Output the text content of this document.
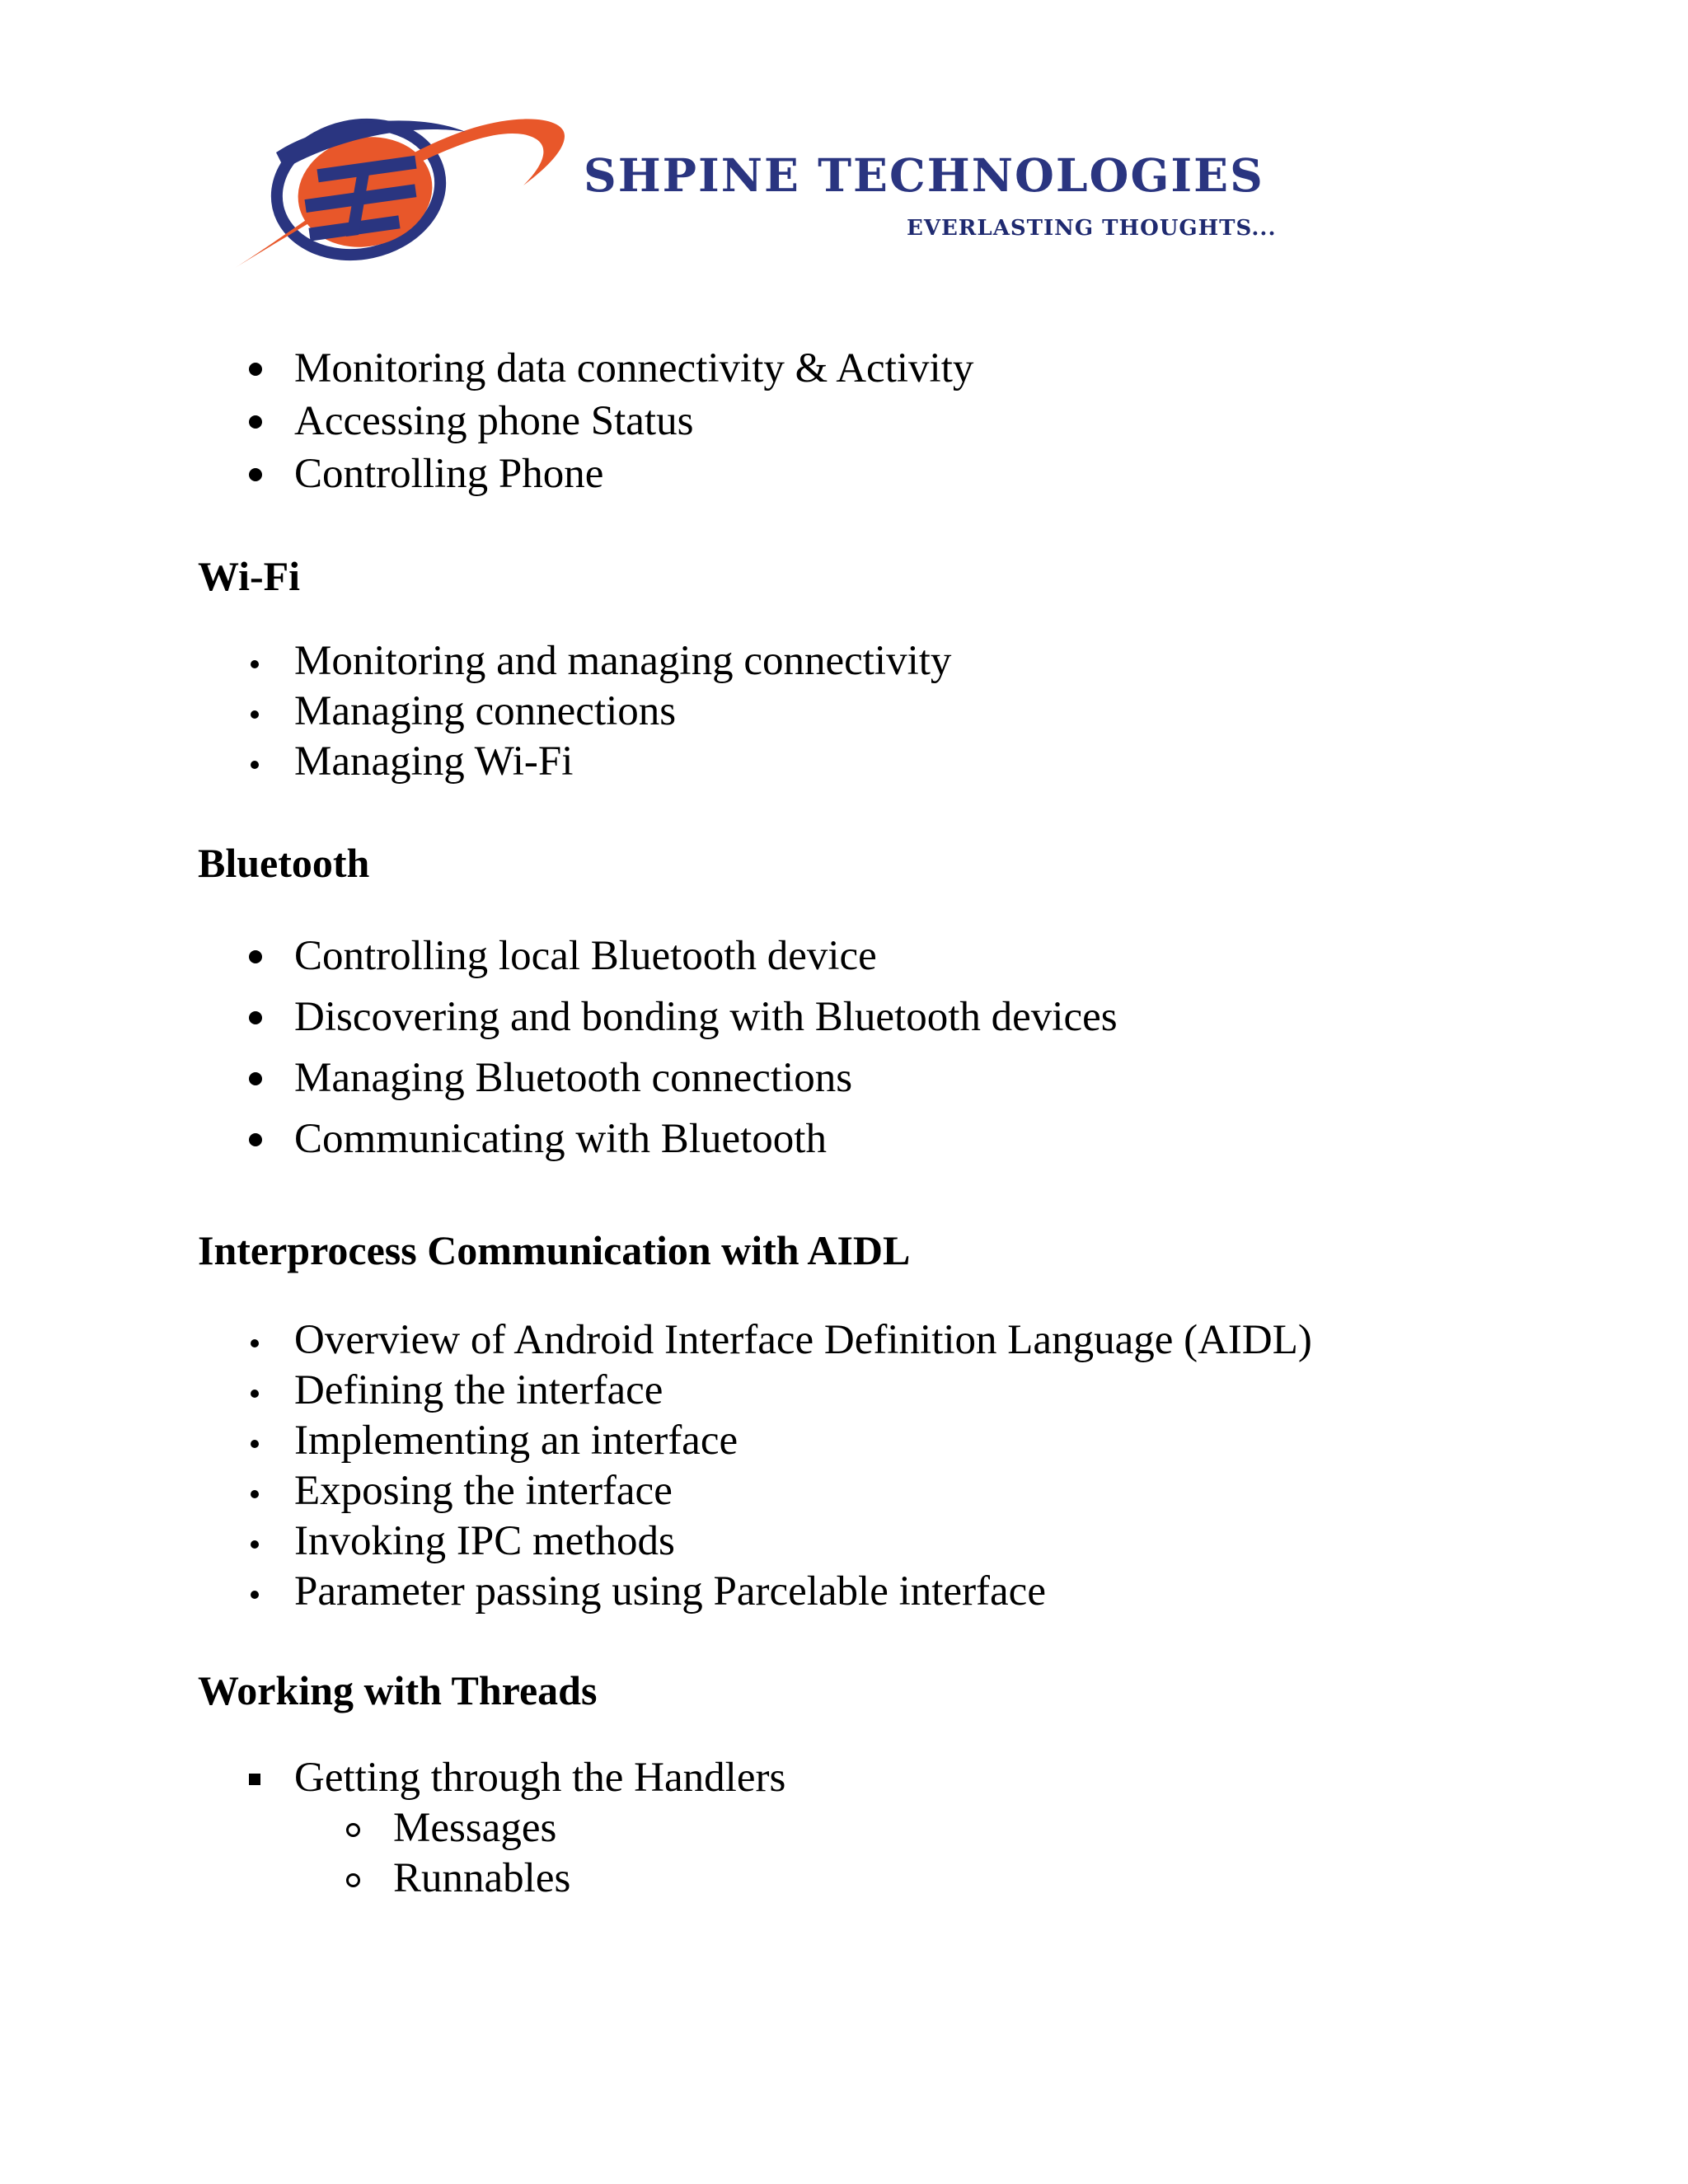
SHPINE TECHNOLOGIES
EVERLASTING THOUGHTS...
Monitoring data connectivity & Activity
Accessing phone Status
Controlling Phone
Wi-Fi
Monitoring and managing connectivity
Managing connections
Managing Wi-Fi
Bluetooth
Controlling local Bluetooth device
Discovering and bonding with Bluetooth devices
Managing Bluetooth connections
Communicating with Bluetooth
Interprocess Communication with AIDL
Overview of Android Interface Definition Language (AIDL)
Defining the interface
Implementing an interface
Exposing the interface
Invoking IPC methods
Parameter passing using Parcelable interface
Working with Threads
Getting through the Handlers
Messages
Runnables
